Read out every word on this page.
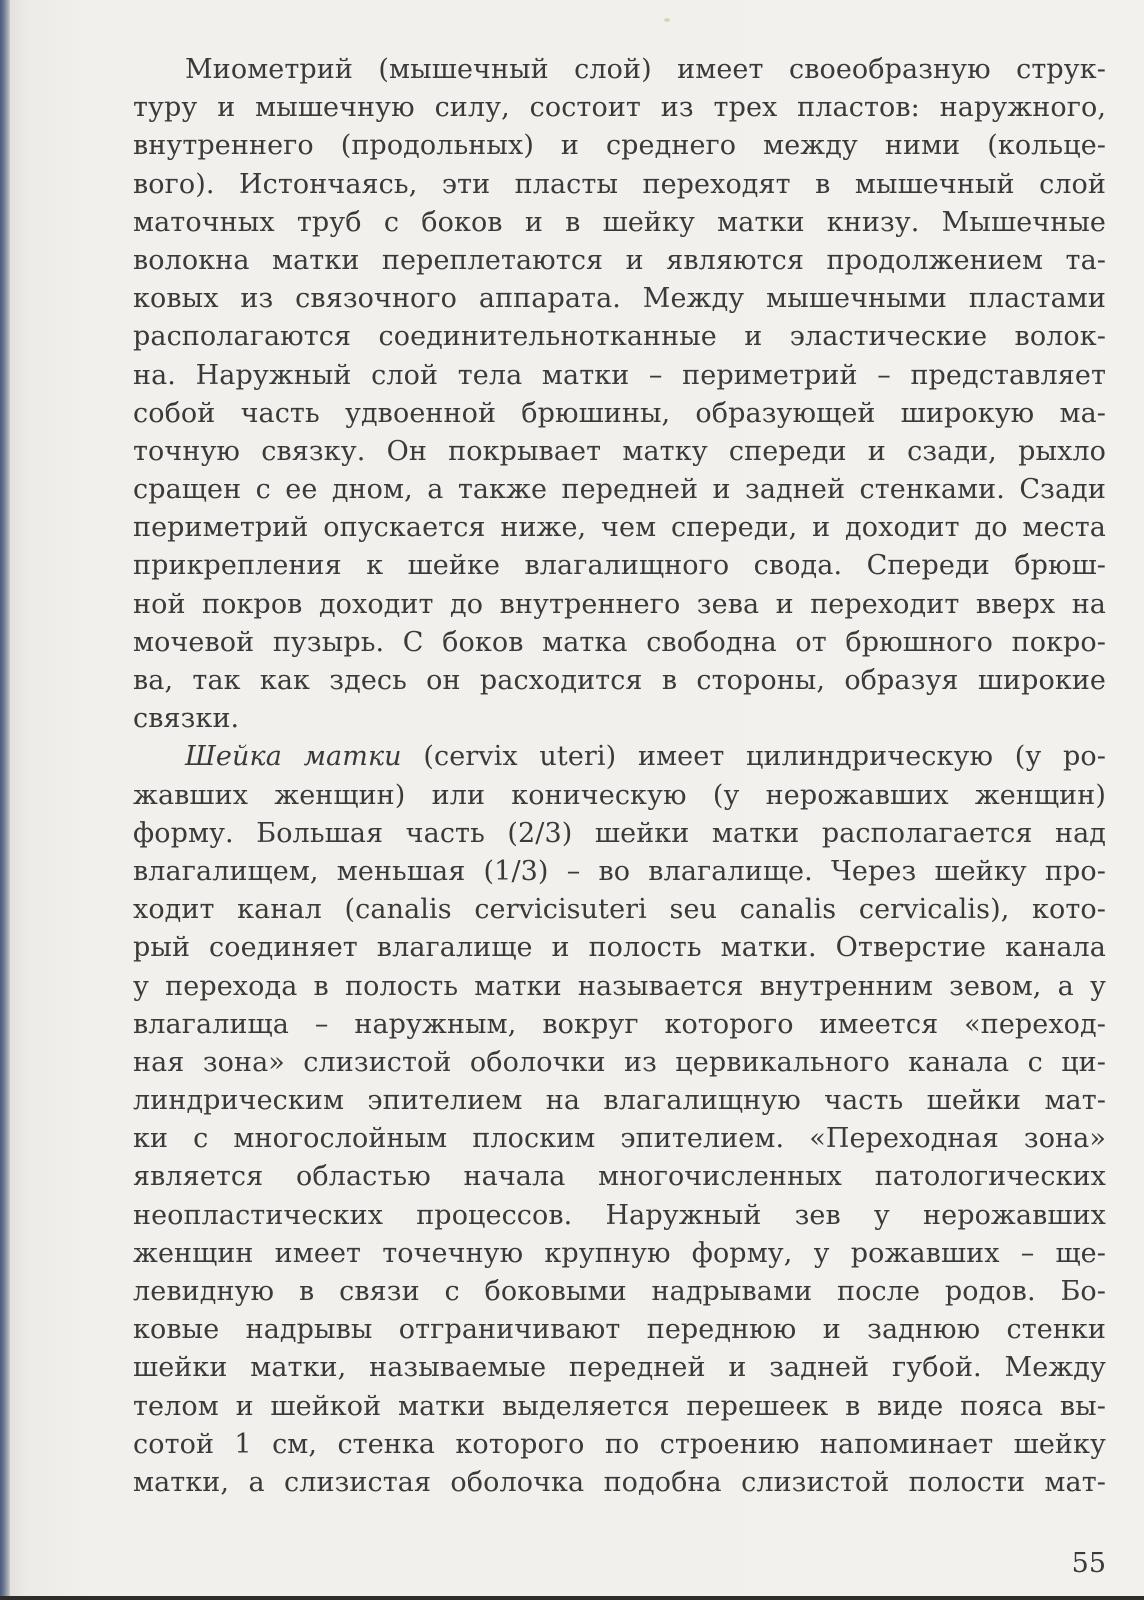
Миометрий (мышечный слой) имеет своеобразную струк-
туру и мышечную силу, состоит из трех пластов: наружного,
внутреннего (продольных) и среднего между ними (кольце-
вого). Истончаясь, эти пласты переходят в мышечный слой
маточных труб с боков и в шейку матки книзу. Мышечные
волокна матки переплетаются и являются продолжением та-
ковых из связочного аппарата. Между мышечными пластами
располагаются соединительнотканные и эластические волок-
на. Наружный слой тела матки – периметрий – представляет
собой часть удвоенной брюшины, образующей широкую ма-
точную связку. Он покрывает матку спереди и сзади, рыхло
сращен с ее дном, а также передней и задней стенками. Сзади
периметрий опускается ниже, чем спереди, и доходит до места
прикрепления к шейке влагалищного свода. Спереди брюш-
ной покров доходит до внутреннего зева и переходит вверх на
мочевой пузырь. С боков матка свободна от брюшного покро-
ва, так как здесь он расходится в стороны, образуя широкие
связки.
Шейка матки (cervix uteri) имеет цилиндрическую (у ро-
жавших женщин) или коническую (у нерожавших женщин)
форму. Большая часть (2/3) шейки матки располагается над
влагалищем, меньшая (1/3) – во влагалище. Через шейку про-
ходит канал (canalis cervicisuteri seu canalis cervicalis), кото-
рый соединяет влагалище и полость матки. Отверстие канала
у перехода в полость матки называется внутренним зевом, а у
влагалища – наружным, вокруг которого имеется «переход-
ная зона» слизистой оболочки из цервикального канала с ци-
линдрическим эпителием на влагалищную часть шейки мат-
ки с многослойным плоским эпителием. «Переходная зона»
является областью начала многочисленных патологических
неопластических процессов. Наружный зев у нерожавших
женщин имеет точечную крупную форму, у рожавших – ще-
левидную в связи с боковыми надрывами после родов. Бо-
ковые надрывы отграничивают переднюю и заднюю стенки
шейки матки, называемые передней и задней губой. Между
телом и шейкой матки выделяется перешеек в виде пояса вы-
сотой 1 см, стенка которого по строению напоминает шейку
матки, а слизистая оболочка подобна слизистой полости мат-
55
